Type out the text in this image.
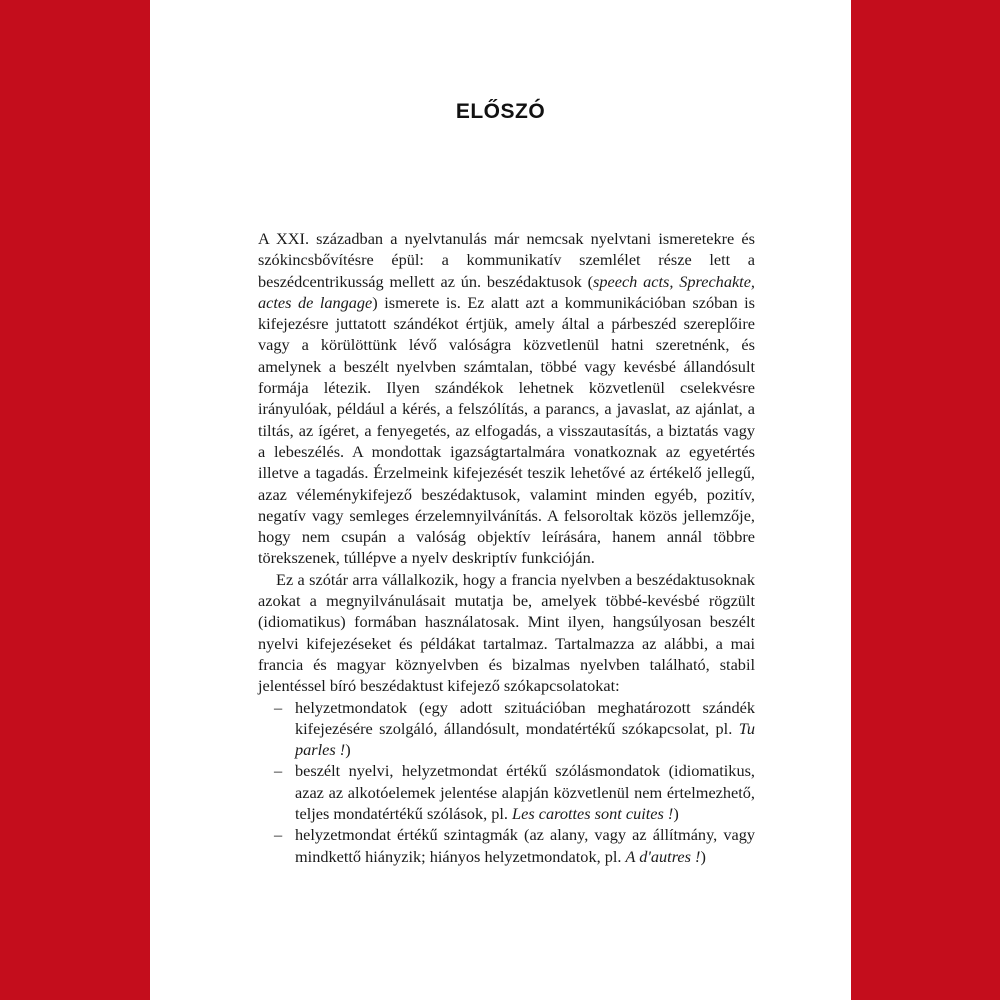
ELŐSZÓ

A XXI. században a nyelvtanulás már nemcsak nyelvtani ismeretekre és szókincsbővítésre épül: a kommunikatív szemlélet része lett a beszédcentrikusság mellett az ún. beszédaktusok (speech acts, Sprechakte, actes de langage) ismerete is. Ez alatt azt a kommunikációban szóban is kifejezésre juttatott szándékot értjük, amely által a párbeszéd szereplőire vagy a körülöttünk lévő valóságra közvetlenül hatni szeretnénk, és amelynek a beszélt nyelvben számtalan, többé vagy kevésbé állandósult formája létezik. Ilyen szándékok lehetnek közvetlenül cselekvésre irányulóak, például a kérés, a felszólítás, a parancs, a javaslat, az ajánlat, a tiltás, az ígéret, a fenyegetés, az elfogadás, a visszautasítás, a biztatás vagy a lebeszélés. A mondottak igazságtartalmára vonatkoznak az egyetértés illetve a tagadás. Érzelmeink kifejezését teszik lehetővé az értékelő jellegű, azaz véleménykifejező beszédaktusok, valamint minden egyéb, pozitív, negatív vagy semleges érzelemnyilvánítás. A felsoroltak közös jellemzője, hogy nem csupán a valóság objektív leírására, hanem annál többre törekszenek, túllépve a nyelv deskriptív funkcióján.

Ez a szótár arra vállalkozik, hogy a francia nyelvben a beszédaktusoknak azokat a megnyilvánulásait mutatja be, amelyek többé-kevésbé rögzült (idiomatikus) formában használatosak. Mint ilyen, hangsúlyosan beszélt nyelvi kifejezéseket és példákat tartalmaz. Tartalmazza az alábbi, a mai francia és magyar köznyelvben és bizalmas nyelvben található, stabil jelentéssel bíró beszédaktust kifejező szókapcsolatokat:

– helyzetmondatok (egy adott szituációban meghatározott szándék kifejezésére szolgáló, állandósult, mondatértékű szókapcsolat, pl. Tu parles !)
– beszélt nyelvi, helyzetmondat értékű szólásmondatok (idiomatikus, azaz az alkotóelemek jelentése alapján közvetlenül nem értelmezhető, teljes mondatértékű szólások, pl. Les carottes sont cuites !)
– helyzetmondat értékű szintagmák (az alany, vagy az állítmány, vagy mindkettő hiányzik; hiányos helyzetmondatok, pl. A d'autres !)
